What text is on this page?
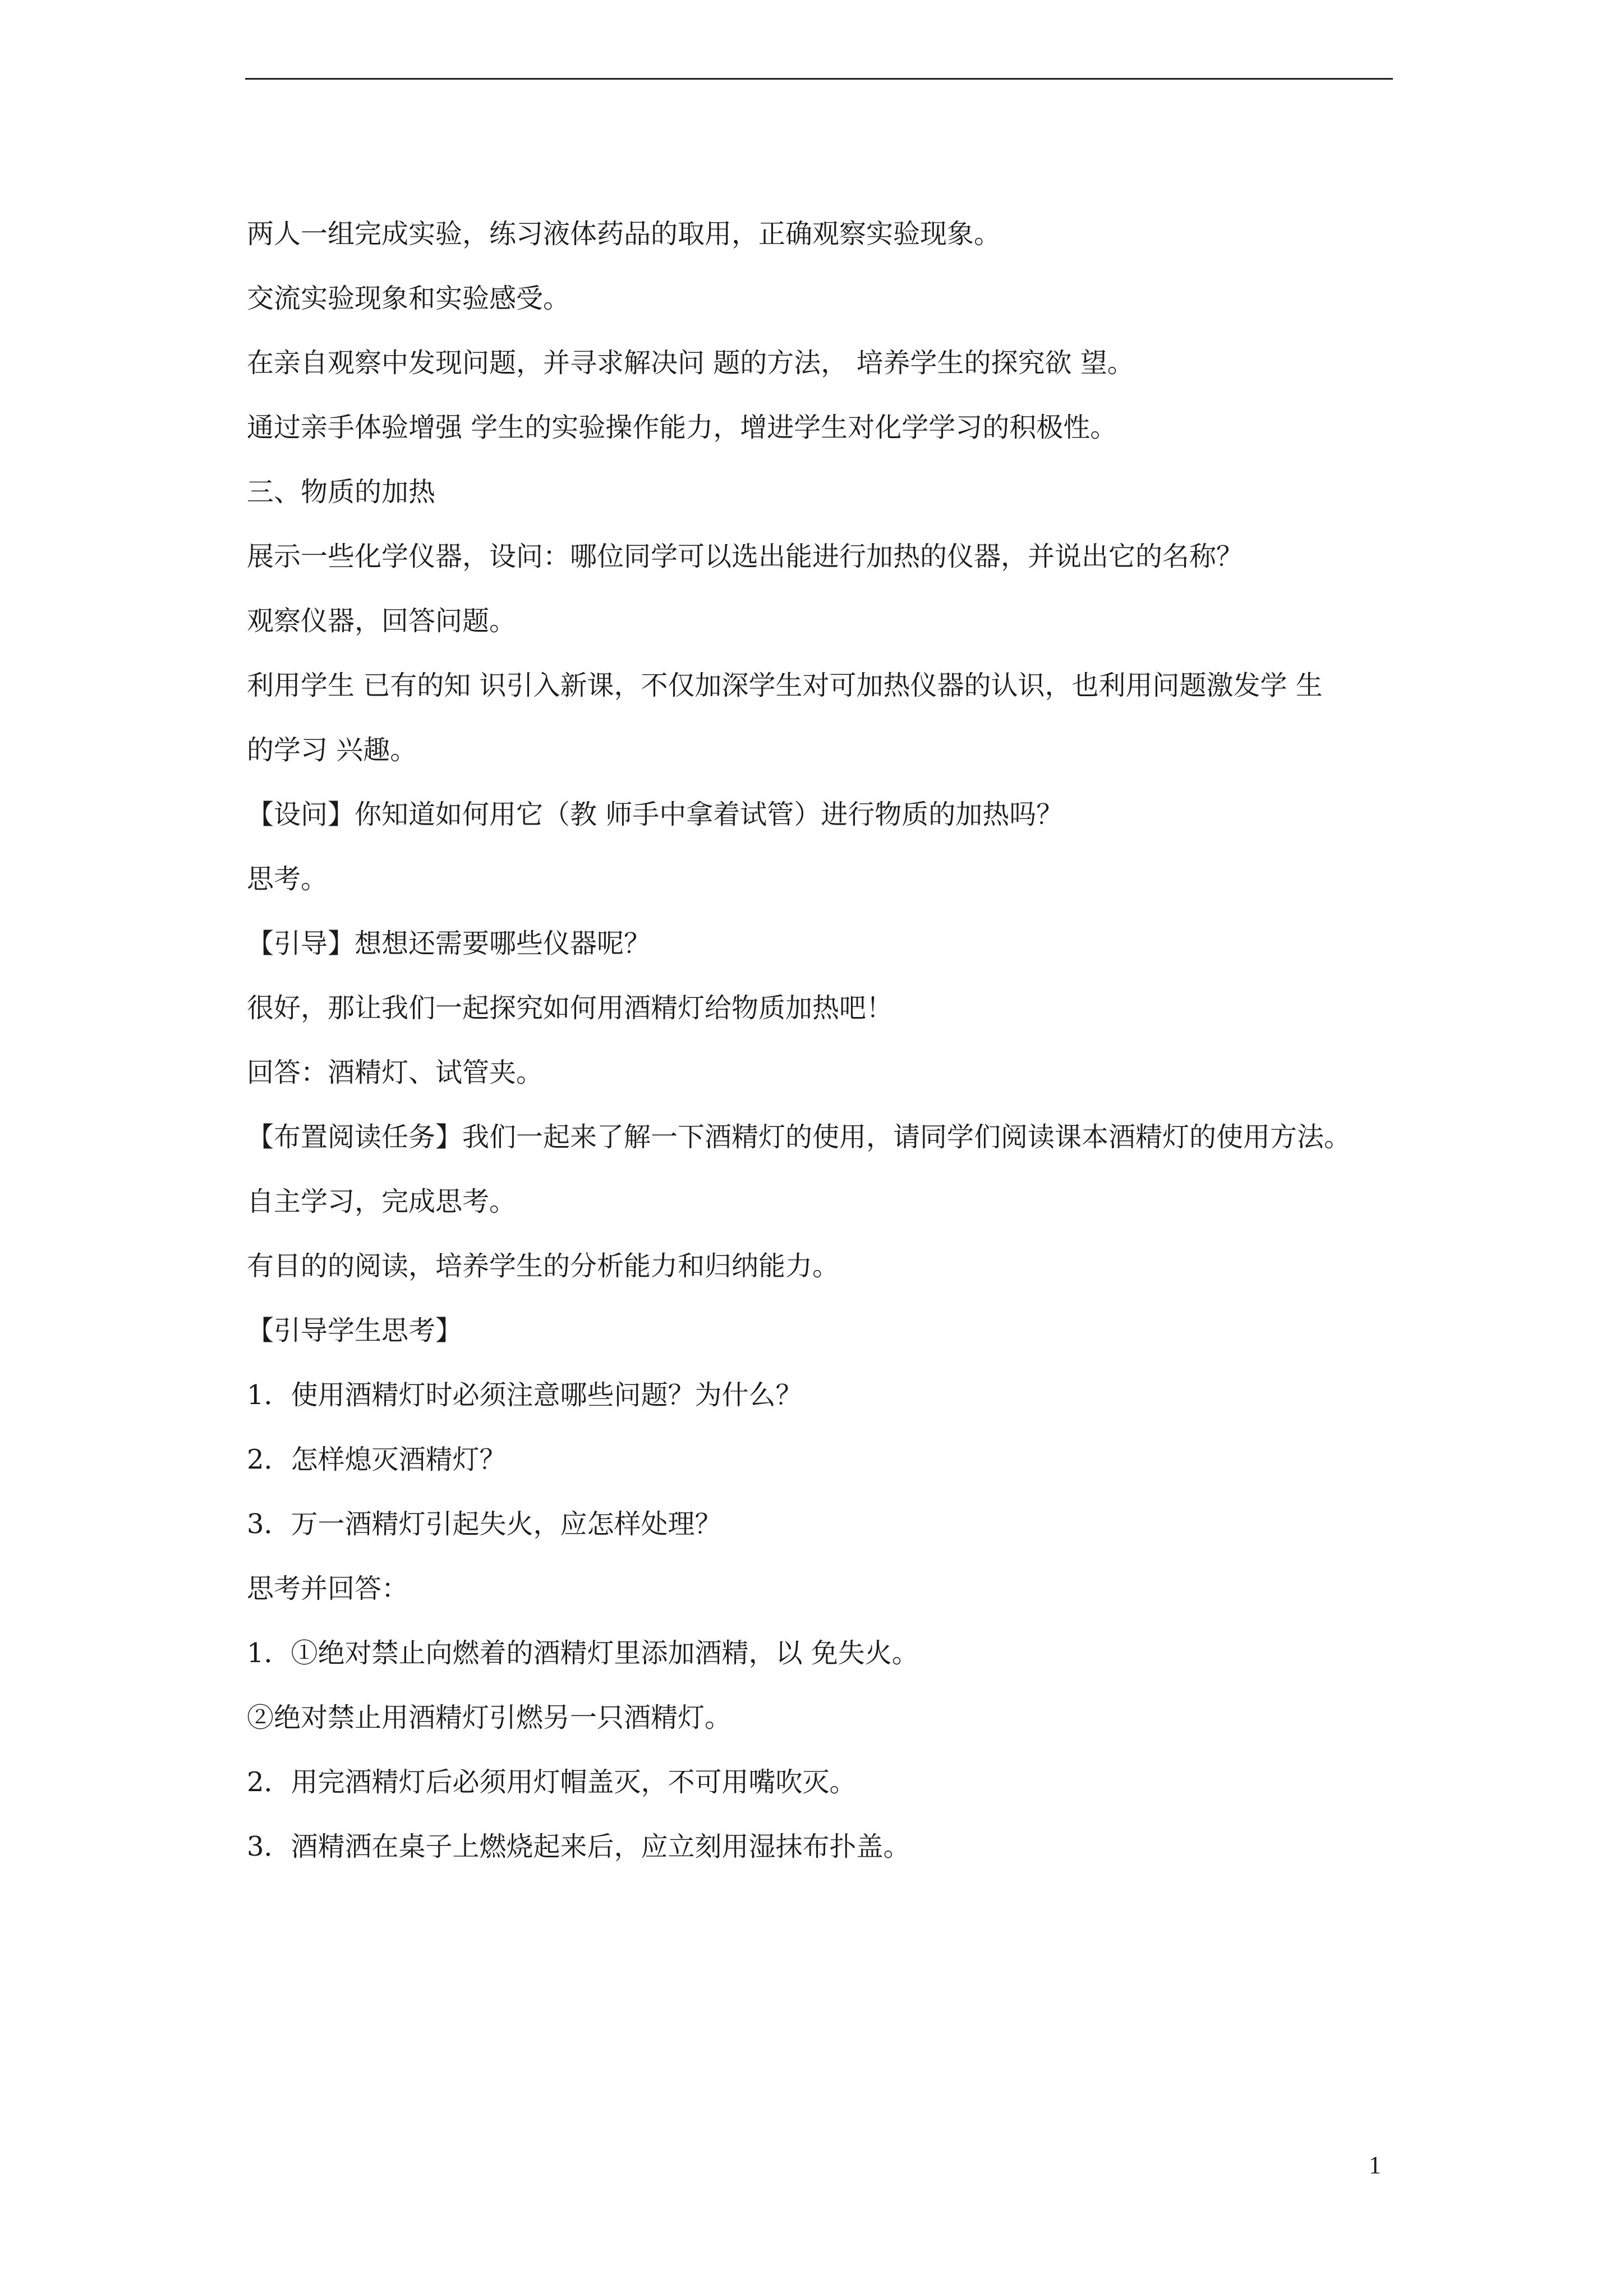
两人一组完成实验，练习液体药品的取用，正确观察实验现象。
交流实验现象和实验感受。
在亲自观察中发现问题，并寻求解决问 题的方法， 培养学生的探究欲 望。
通过亲手体验增强 学生的实验操作能力，增进学生对化学学习的积极性。
三、物质的加热
展示一些化学仪器，设问：哪位同学可以选出能进行加热的仪器，并说出它的名称？
观察仪器，回答问题。
利用学生 已有的知 识引入新课，不仅加深学生对可加热仪器的认识，也利用问题激发学 生
的学习 兴趣。
【设问】你知道如何用它（教 师手中拿着试管）进行物质的加热吗？
思考。
【引导】想想还需要哪些仪器呢？
很好，那让我们一起探究如何用酒精灯给物质加热吧！
回答：酒精灯、试管夹。
【布置阅读任务】我们一起来了解一下酒精灯的使用，请同学们阅读课本酒精灯的使用方法。
自主学习，完成思考。
有目的的阅读，培养学生的分析能力和归纳能力。
【引导学生思考】
1．使用酒精灯时必须注意哪些问题？为什么？
2．怎样熄灭酒精灯？
3．万一酒精灯引起失火，应怎样处理？
思考并回答：
1．①绝对禁止向燃着的酒精灯里添加酒精，以 免失火。
②绝对禁止用酒精灯引燃另一只酒精灯。
2．用完酒精灯后必须用灯帽盖灭，不可用嘴吹灭。
3．酒精洒在桌子上燃烧起来后，应立刻用湿抹布扑盖。
1
